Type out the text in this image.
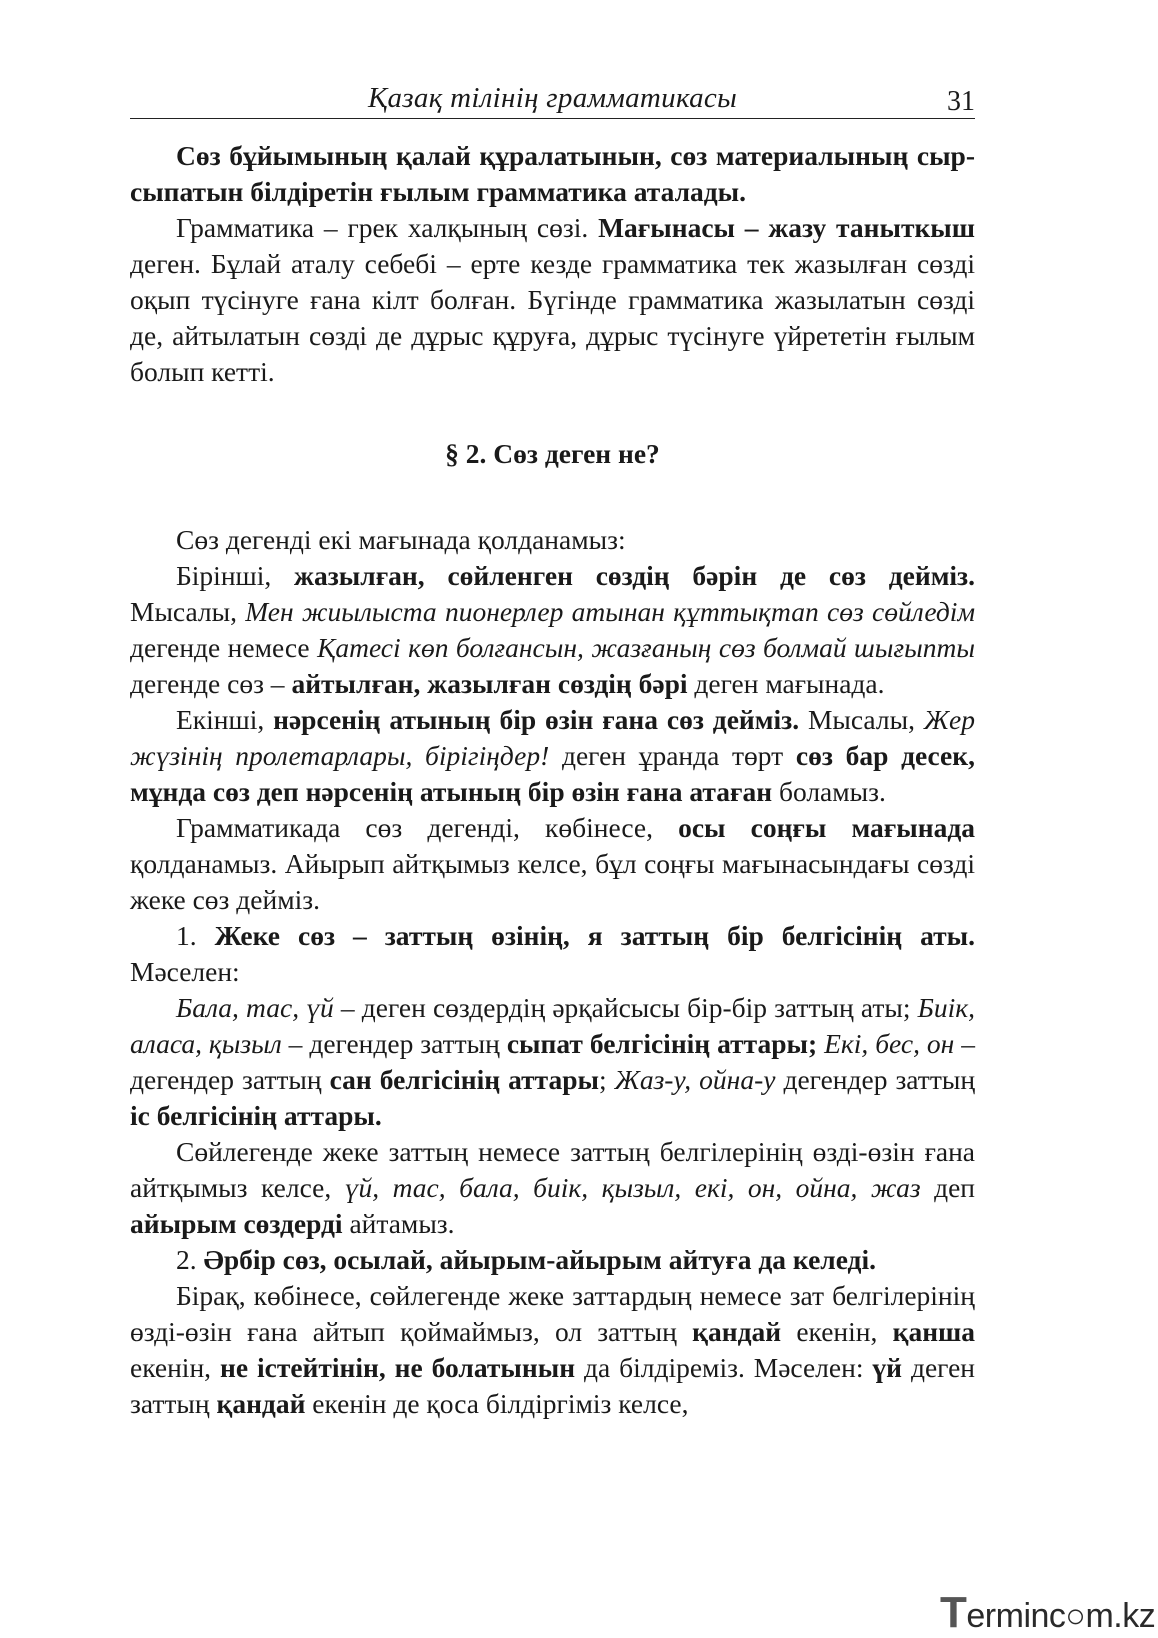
Қазақ тілінің грамматикасы	31

Сөз бұйымының қалай құралатынын, сөз материалының сыр-сыпатын білдіретін ғылым грамматика аталады.

Грамматика – грек халқының сөзі. Мағынасы – жазу таныткыш деген. Бұлай аталу себебі – ерте кезде грамматика тек жазылған сөзді оқып түсінуге ғана кілт болған. Бүгінде грамматика жазылатын сөзді де, айтылатын сөзді де дұрыс құруға, дұрыс түсінуге үйрететін ғылым болып кетті.

§ 2. Сөз деген не?

Сөз дегенді екі мағынада қолданамыз:

Бірінші, жазылған, сөйленген сөздің бәрін де сөз дейміз. Мысалы, Мен жиылыста пионерлер атынан құттықтап сөз сөйледім дегенде немесе Қатесі көп болғансын, жазғаның сөз болмай шығыпты дегенде сөз – айтылған, жазылған сөздің бәрі деген мағынада.

Екінші, нәрсенің атының бір өзін ғана сөз дейміз. Мысалы, Жер жүзінің пролетарлары, бірігіңдер! деген ұранда төрт сөз бар десек, мұнда сөз деп нәрсенің атының бір өзін ғана атаған боламыз.

Грамматикада сөз дегенді, көбінесе, осы соңғы мағынада қолданамыз. Айырып айтқымыз келсе, бұл соңғы мағынасындағы сөзді жеке сөз дейміз.

1. Жеке сөз – заттың өзінің, я заттың бір белгісінің аты. Мәселен:

Бала, тас, үй – деген сөздердің әрқайсысы бір-бір заттың аты; Биік, аласа, қызыл – дегендер заттың сыпат белгісінің аттары; Екі, бес, он – дегендер заттың сан белгісінің аттары; Жаз-у, ойна-у дегендер заттың іс белгісінің аттары.

Сөйлегенде жеке заттың немесе заттың белгілерінің өзді-өзін ғана айтқымыз келсе, үй, тас, бала, биік, қызыл, екі, он, ойна, жаз деп айырым сөздерді айтамыз.

2. Әрбір сөз, осылай, айырым-айырым айтуға да келеді.

Бірақ, көбінесе, сөйлегенде жеке заттардың немесе зат белгілерінің өзді-өзін ғана айтып қоймаймыз, ол заттың қандай екенін, қанша екенін, не істейтінін, не болатынын да білдіреміз. Мәселен: үй деген заттың қандай екенін де қоса білдіргіміз келсе,

Terminc○m.kz
